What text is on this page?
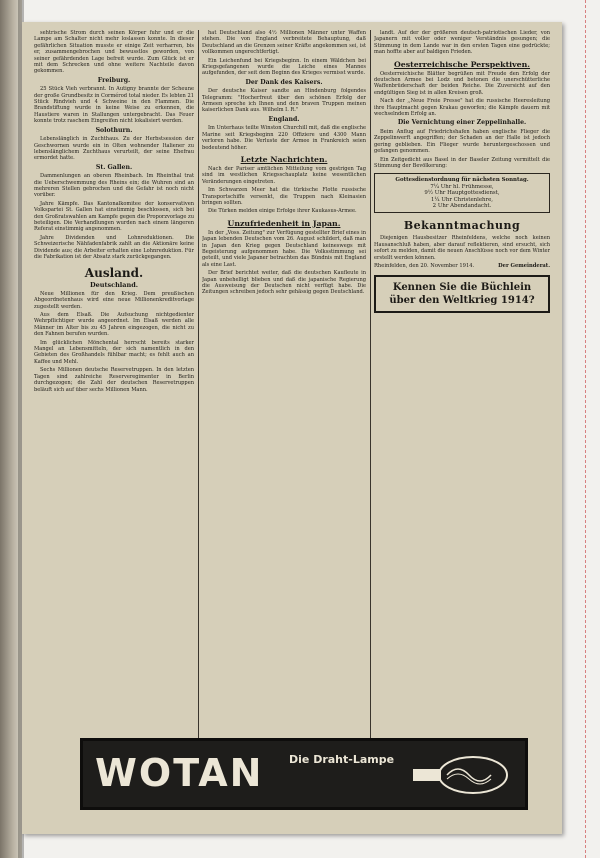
sehtrische Strom durch seinen Körper fuhr und er die Lampe am Schalter nicht mehr loslassen konnte. In dieser gefährlichen Situation musste er einige Zeit verharren, bis er, zusammengebrochen und bewusstlos geworden, von seiner gefährdenden Lage befreit wurde. Zum Glück ist er mit dem Schrecken und ohne weitere Nachteile davon gekommen.

Freiburg.

25 Stück Vieh verbrannt. In Autigny brannte der Scheune der große Grundbesitz in Cormérod total nieder. Es lebten 21 Stück Rindvieh und 4 Schweine in den Flammen. Die Brandstiftung wurde in keine Weise zu erkennen, die Haustiere waren in Stallungen untergebracht. Das Feuer konnte trotz raschem Eingreifen nicht lokalisiert werden.

Solothurn.

Lebenslänglich in Zuchthaus. Zu der Herbstsession der Geschwornen wurde ein in Olten wohnender Italiener zu lebenslänglichem Zuchthaus verurteilt, der seine Ehefrau ermordet hatte.

St. Gallen.

Dammenlungen an oberen Rheinbach. Im Rheinthal trat die Ueberschwemmung des Rheins ein; die Wuhren sind an mehreren Stellen gebrochen und die Gefahr ist noch nicht vorüber.

Jahre Kämpfe. Das Kantonalkomitee der konservativen Volkspartei St. Gallen hat einstimmig beschlossen, sich bei den Großratswahlen am Kampfe gegen die Proporzvorlage zu beteiligen. Die Verhandlungen wurden nach einem längeren Referat einstimmig angenommen.

Jahre Dividenden und Lohnreduktionen. Die Schweizerische Nähfadenfabrik zahlt an die Aktionäre keine Dividende aus; die Arbeiter erhalten eine Lohnreduktion. Für die Fabrikation ist der Absatz stark zurückgegangen.

Ausland.
Deutschland.

Neue Millionen für den Krieg. Dem preußischen Abgeordnetenhaus wird eine neue Millionenkreditvorlage zugestellt werden.

Aus dem Elsaß. Die Aufsuchung nichtgedienter Wehrpflichtiger wurde angeordnet. Im Elsaß werden alle Männer im Alter bis zu 45 Jahren eingezogen, die nicht zu den Fahnen berufen wurden.

Im glücklichen Mönchental herrscht bereits starker Mangel an Lebensmitteln, der sich namentlich in den Gebieten des Großhandels fühlbar macht; es fehlt auch an Kaffee und Mehl.

Sechs Millionen deutsche Reservetruppen. In den letzten Tagen sind zahlreiche Reserveregimenter in Berlin durchgezogen; die Zahl der deutschen Reservetruppen beläuft sich auf über sechs Millionen Mann.

hat Deutschland also 4½ Millionen Männer unter Waffen stehen. Die von England verbreitete Behauptung, daß Deutschland an die Grenzen seiner Kräfte angekommen sei, ist vollkommen ungerechtfertigt.

Ein Leichenfund bei Kriegsbeginn. In einem Wäldchen bei Kriegsgefangenen wurde die Leiche eines Mannes aufgefunden, der seit dem Beginn des Krieges vermisst wurde.

Der Dank des Kaisers.

Der deutsche Kaiser sandte an Hindenburg folgendes Telegramm: "Hocherfreut über den schönen Erfolg der Armeen spreche ich Ihnen und den braven Truppen meinen kaiserlichen Dank aus. Wilhelm I. R."

England.

Im Unterhaus teilte Winston Churchill mit, daß die englische Marine seit Kriegsbeginn 220 Offiziere und 4300 Mann verloren habe. Die Verluste der Armee in Frankreich seien bedeutend höher.

Letzte Nachrichten.

Nach der Pariser amtlichen Mitteilung vom gestrigen Tag sind im westlichen Kriegsschauplatz keine wesentlichen Veränderungen eingetreten.

Im Schwarzen Meer hat die türkische Flotte russische Transportschiffe versenkt, die Truppen nach Kleinasien bringen sollten.

Die Türken melden einige Erfolge ihrer Kaukasus-Armee.

Unzufriedenheit in Japan.

In der „Voss. Zeitung" zur Verfügung gestellter Brief eines in Japan lebenden Deutschen vom 26. August schildert, daß man in Japan den Krieg gegen Deutschland keineswegs mit Begeisterung aufgenommen habe. Die Volksstimmung sei geteilt, und viele Japaner betrachten das Bündnis mit England als eine Last.

Der Brief berichtet weiter, daß die deutschen Kaufleute in Japan unbehelligt blieben und daß die japanische Regierung die Ausweisung der Deutschen nicht verfügt habe. Die Zeitungen schreiben jedoch sehr gehässig gegen Deutschland.

landt. Auf der der größeren deutsch-patriotischen Lieder, von Japanern mit voller oder weniger Verständnis gesungen; die Stimmung in dem Lande war in den ersten Tagen eine gedrückte; man hoffte aber auf baldigen Frieden.

Oesterreichische Perspektiven.

Oesterreichische Blätter begrüßen mit Freude den Erfolg der deutschen Armee bei Lodz und betonen die unerschütterliche Waffenbrüderschaft der beiden Reiche. Die Zuversicht auf den endgültigen Sieg ist in allen Kreisen groß.

Nach der ,,Neue Freie Presse" hat die russische Heeresleitung ihre Hauptmacht gegen Krakau geworfen; die Kämpfe dauern mit wechselndem Erfolg an.

Die Vernichtung einer Zeppelinhalle.

Beim Anflug auf Friedrichshafen haben englische Flieger die Zeppelinwerft angegriffen; der Schaden an der Halle ist jedoch gering geblieben. Ein Flieger wurde heruntergeschossen und gefangen genommen.

Ein Zeitgedicht aus Basel in der Baseler Zeitung vermittelt die Stimmung der Bevölkerung:

Gottesdienstordnung für nächsten Sonntag.
7¼ Uhr hl. Frühmesse,
9½ Uhr Hauptgottesdienst,
1¼ Uhr Christenlehre,
2 Uhr Abendandacht.
Bekanntmachung

Diejenigen Hausbesitzer Rheinfeldens, welche noch keinen Hausanschluß haben, aber darauf reflektieren, sind ersucht, sich sofort zu melden, damit die neuen Anschlüsse noch vor dem Winter erstellt werden können.

Rheinfelden, den 20. November 1914.	Der Gemeinderat.
Kennen Sie die Büchlein
über den Weltkrieg 1914?
WOTAN Die Draht-Lampe
